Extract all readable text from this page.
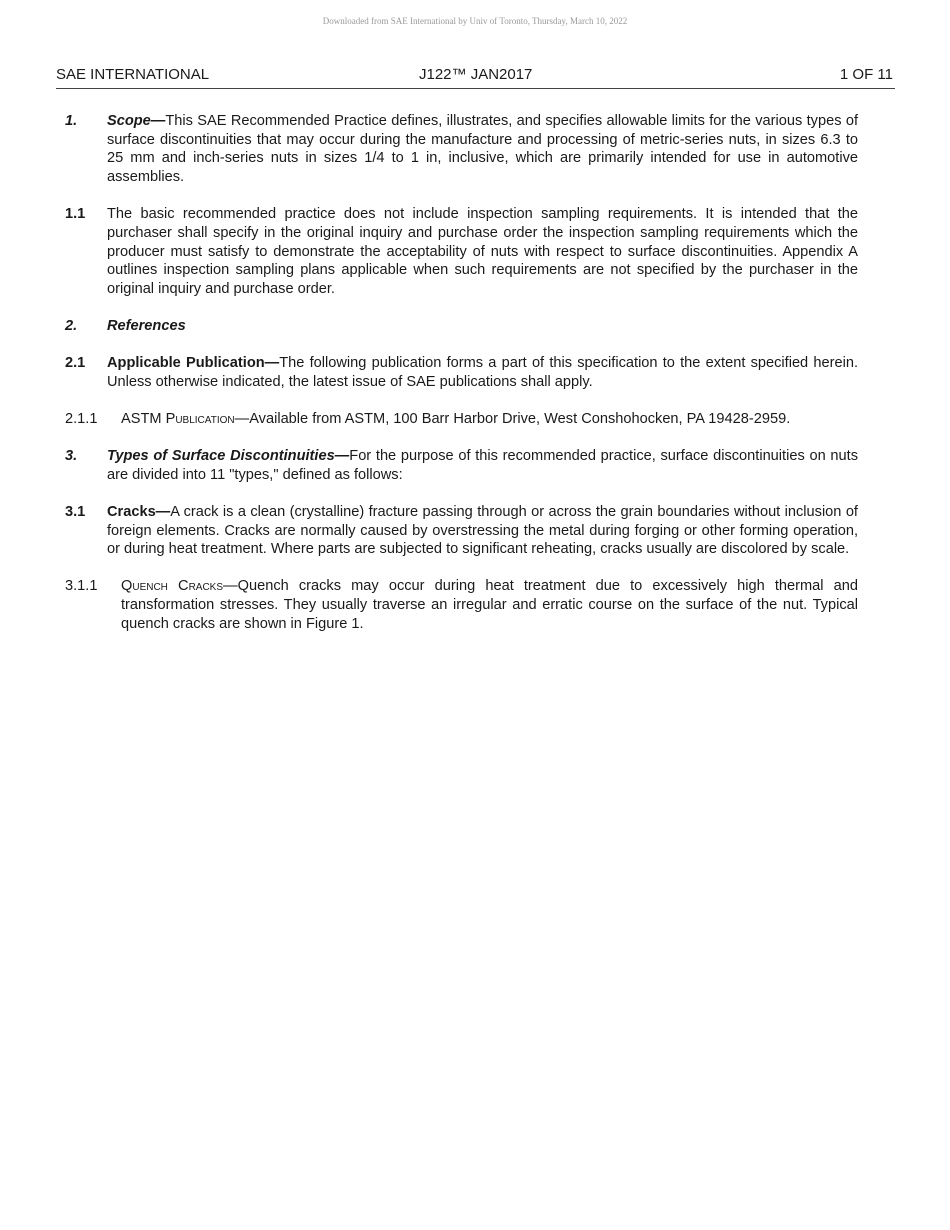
Downloaded from SAE International by Univ of Toronto, Thursday, March 10, 2022
SAE INTERNATIONAL	J122™ JAN2017	1 OF 11
1. Scope—This SAE Recommended Practice defines, illustrates, and specifies allowable limits for the various types of surface discontinuities that may occur during the manufacture and processing of metric-series nuts, in sizes 6.3 to 25 mm and inch-series nuts in sizes 1/4 to 1 in, inclusive, which are primarily intended for use in automotive assemblies.
1.1 The basic recommended practice does not include inspection sampling requirements. It is intended that the purchaser shall specify in the original inquiry and purchase order the inspection sampling requirements which the producer must satisfy to demonstrate the acceptability of nuts with respect to surface discontinuities. Appendix A outlines inspection sampling plans applicable when such requirements are not specified by the purchaser in the original inquiry and purchase order.
2. References
2.1 Applicable Publication—The following publication forms a part of this specification to the extent specified herein. Unless otherwise indicated, the latest issue of SAE publications shall apply.
2.1.1 ASTM Publication—Available from ASTM, 100 Barr Harbor Drive, West Conshohocken, PA 19428-2959.
3. Types of Surface Discontinuities—For the purpose of this recommended practice, surface discontinuities on nuts are divided into 11 "types," defined as follows:
3.1 Cracks—A crack is a clean (crystalline) fracture passing through or across the grain boundaries without inclusion of foreign elements. Cracks are normally caused by overstressing the metal during forging or other forming operation, or during heat treatment. Where parts are subjected to significant reheating, cracks usually are discolored by scale.
3.1.1 Quench Cracks—Quench cracks may occur during heat treatment due to excessively high thermal and transformation stresses. They usually traverse an irregular and erratic course on the surface of the nut. Typical quench cracks are shown in Figure 1.
